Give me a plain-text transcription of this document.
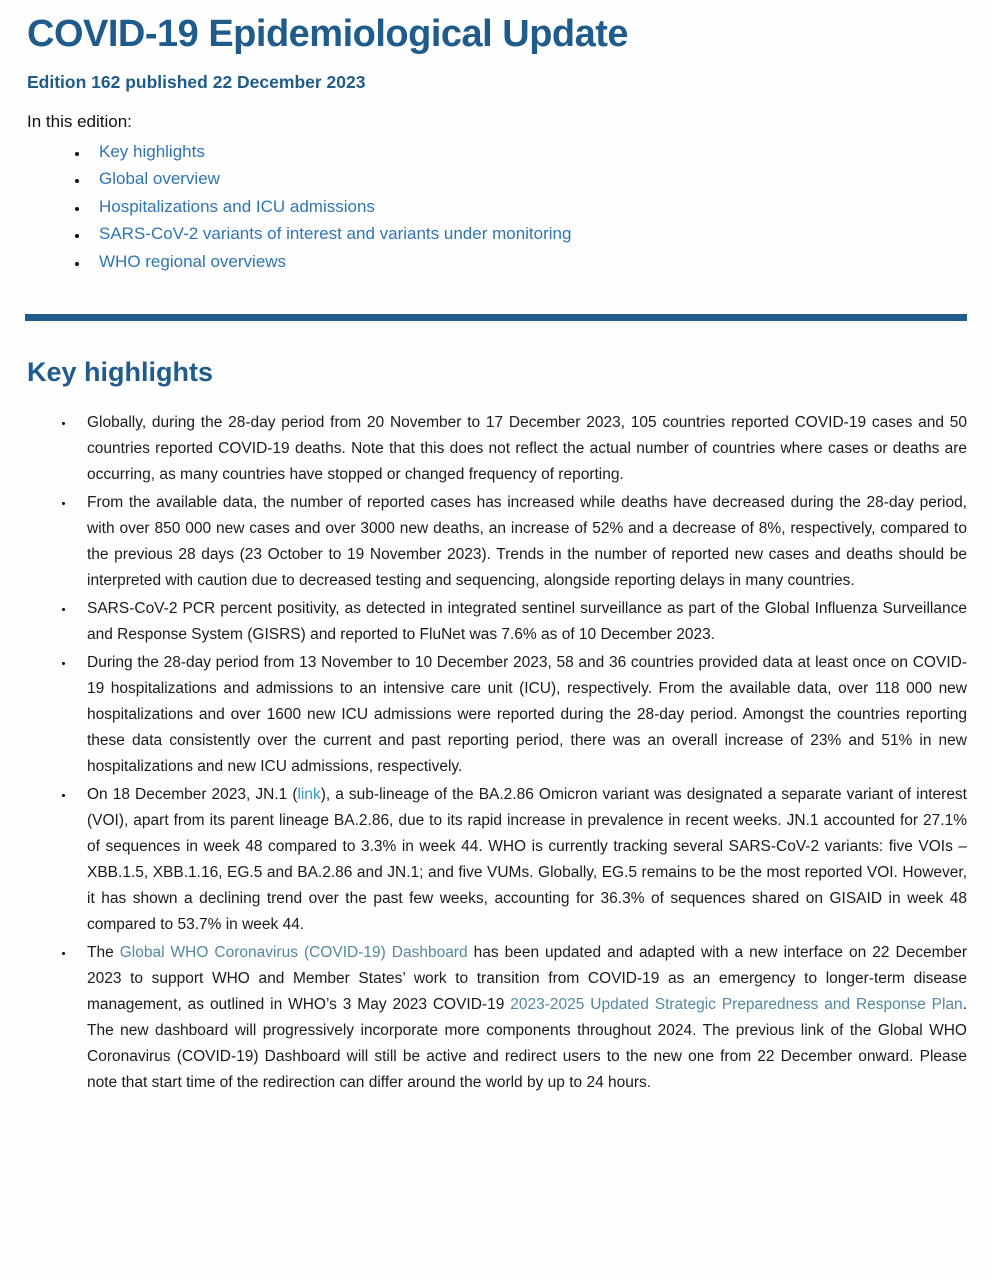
COVID-19 Epidemiological Update

Edition 162 published 22 December 2023

In this edition:

• Key highlights
• Global overview
• Hospitalizations and ICU admissions
• SARS-CoV-2 variants of interest and variants under monitoring
• WHO regional overviews
Key highlights
• Globally, during the 28-day period from 20 November to 17 December 2023, 105 countries reported COVID-19 cases and 50 countries reported COVID-19 deaths. Note that this does not reflect the actual number of countries where cases or deaths are occurring, as many countries have stopped or changed frequency of reporting.
• From the available data, the number of reported cases has increased while deaths have decreased during the 28-day period, with over 850 000 new cases and over 3000 new deaths, an increase of 52% and a decrease of 8%, respectively, compared to the previous 28 days (23 October to 19 November 2023). Trends in the number of reported new cases and deaths should be interpreted with caution due to decreased testing and sequencing, alongside reporting delays in many countries.
• SARS-CoV-2 PCR percent positivity, as detected in integrated sentinel surveillance as part of the Global Influenza Surveillance and Response System (GISRS) and reported to FluNet was 7.6% as of 10 December 2023.
• During the 28-day period from 13 November to 10 December 2023, 58 and 36 countries provided data at least once on COVID-19 hospitalizations and admissions to an intensive care unit (ICU), respectively. From the available data, over 118 000 new hospitalizations and over 1600 new ICU admissions were reported during the 28-day period. Amongst the countries reporting these data consistently over the current and past reporting period, there was an overall increase of 23% and 51% in new hospitalizations and new ICU admissions, respectively.
• On 18 December 2023, JN.1 (link), a sub-lineage of the BA.2.86 Omicron variant was designated a separate variant of interest (VOI), apart from its parent lineage BA.2.86, due to its rapid increase in prevalence in recent weeks. JN.1 accounted for 27.1% of sequences in week 48 compared to 3.3% in week 44. WHO is currently tracking several SARS-CoV-2 variants: five VOIs – XBB.1.5, XBB.1.16, EG.5 and BA.2.86 and JN.1; and five VUMs. Globally, EG.5 remains to be the most reported VOI. However, it has shown a declining trend over the past few weeks, accounting for 36.3% of sequences shared on GISAID in week 48 compared to 53.7% in week 44.
• The Global WHO Coronavirus (COVID-19) Dashboard has been updated and adapted with a new interface on 22 December 2023 to support WHO and Member States’ work to transition from COVID-19 as an emergency to longer-term disease management, as outlined in WHO’s 3 May 2023 COVID-19 2023-2025 Updated Strategic Preparedness and Response Plan. The new dashboard will progressively incorporate more components throughout 2024. The previous link of the Global WHO Coronavirus (COVID-19) Dashboard will still be active and redirect users to the new one from 22 December onward. Please note that start time of the redirection can differ around the world by up to 24 hours.
